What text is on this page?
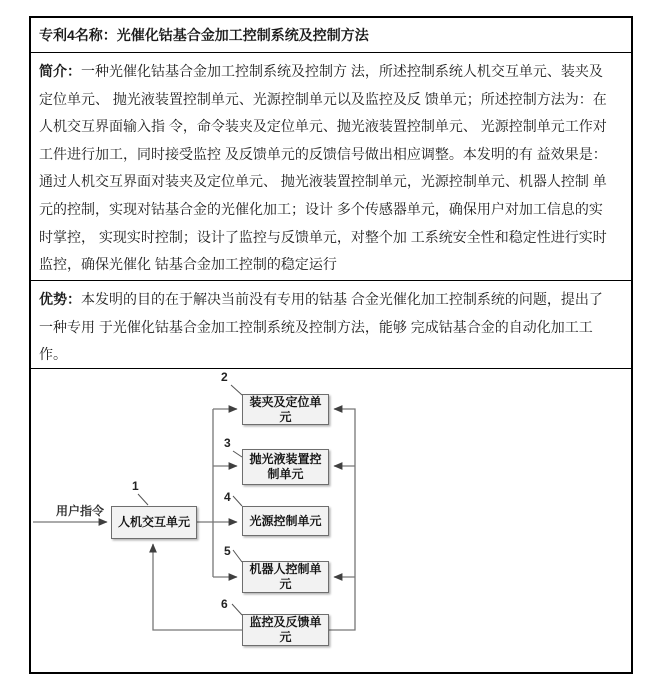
专利4名称： 光催化钴基合金加工控制系统及控制方法
简介：一种光催化钴基合金加工控制系统及控制方 法，所述控制系统人机交互单元、装夹及
定位单元、 抛光液装置控制单元、光源控制单元以及监控及反 馈单元；所述控制方法为：在
人机交互界面输入指 令，命令装夹及定位单元、抛光液装置控制单元、 光源控制单元工作对
工件进行加工，同时接受监控 及反馈单元的反馈信号做出相应调整。本发明的有 益效果是：
通过人机交互界面对装夹及定位单元、 抛光液装置控制单元，光源控制单元、机器人控制 单
元的控制，实现对钴基合金的光催化加工；设计 多个传感器单元，确保用户对加工信息的实
时掌控， 实现实时控制；设计了监控与反馈单元，对整个加 工系统安全性和稳定性进行实时
监控，确保光催化 钴基合金加工控制的稳定运行
优势：本发明的目的在于解决当前没有专用的钴基 合金光催化加工控制系统的问题，提出了
一种专用 于光催化钴基合金加工控制系统及控制方法，能够 完成钴基合金的自动化加工工
作。
用户指令
1
2
3
4
5
6
人机交互单元
装夹及定位单元
抛光液装置控制单元
光源控制单元
机器人控制单元
监控及反馈单元
